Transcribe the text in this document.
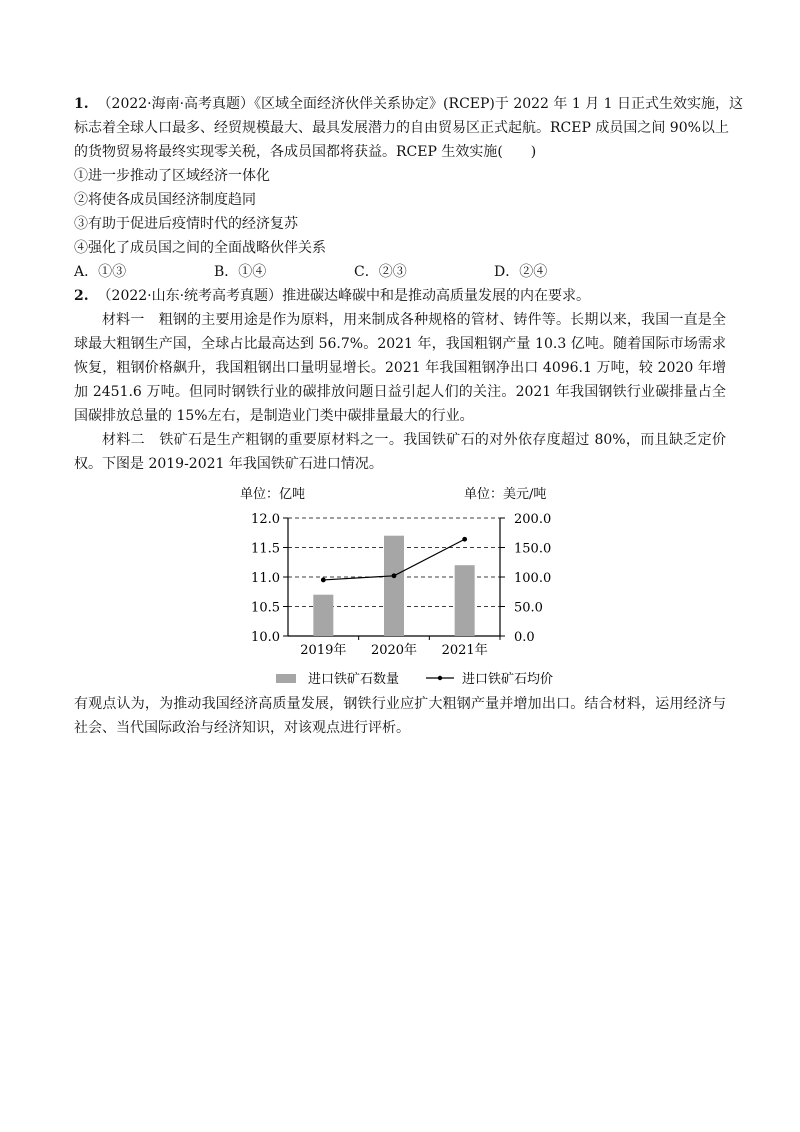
1. （2022·海南·高考真题）《区域全面经济伙伴关系协定》(RCEP)于 2022 年 1 月 1 日正式生效实施，这
标志着全球人口最多、经贸规模最大、最具发展潜力的自由贸易区正式起航。RCEP 成员国之间 90%以上
的货物贸易将最终实现零关税，各成员国都将获益。RCEP 生效实施(　　)
①进一步推动了区域经济一体化
②将使各成员国经济制度趋同
③有助于促进后疫情时代的经济复苏
④强化了成员国之间的全面战略伙伴关系
A．①③	B．①④	C．②③	D．②④
2. （2022·山东·统考高考真题）推进碳达峰碳中和是推动高质量发展的内在要求。
材料一　粗钢的主要用途是作为原料，用来制成各种规格的管材、铸件等。长期以来，我国一直是全球最大粗钢生产国，全球占比最高达到 56.7%。2021 年，我国粗钢产量 10.3 亿吨。随着国际市场需求恢复，粗钢价格飙升，我国粗钢出口量明显增长。2021 年我国粗钢净出口 4096.1 万吨，较 2020 年增加 2451.6 万吨。但同时钢铁行业的碳排放问题日益引起人们的关注。2021 年我国钢铁行业碳排量占全国碳排放总量的 15%左右，是制造业门类中碳排量最大的行业。
材料二　铁矿石是生产粗钢的重要原材料之一。我国铁矿石的对外依存度超过 80%，而且缺乏定价权。下图是 2019-2021 年我国铁矿石进口情况。
单位：亿吨	单位：美元/吨
10.0
10.5
11.0
11.5
12.0
0.0
50.0
100.0
150.0
200.0
2019年 2020年 2021年
进口铁矿石数量	进口铁矿石均价
有观点认为，为推动我国经济高质量发展，钢铁行业应扩大粗钢产量并增加出口。结合材料，运用经济与社会、当代国际政治与经济知识，对该观点进行评析。
